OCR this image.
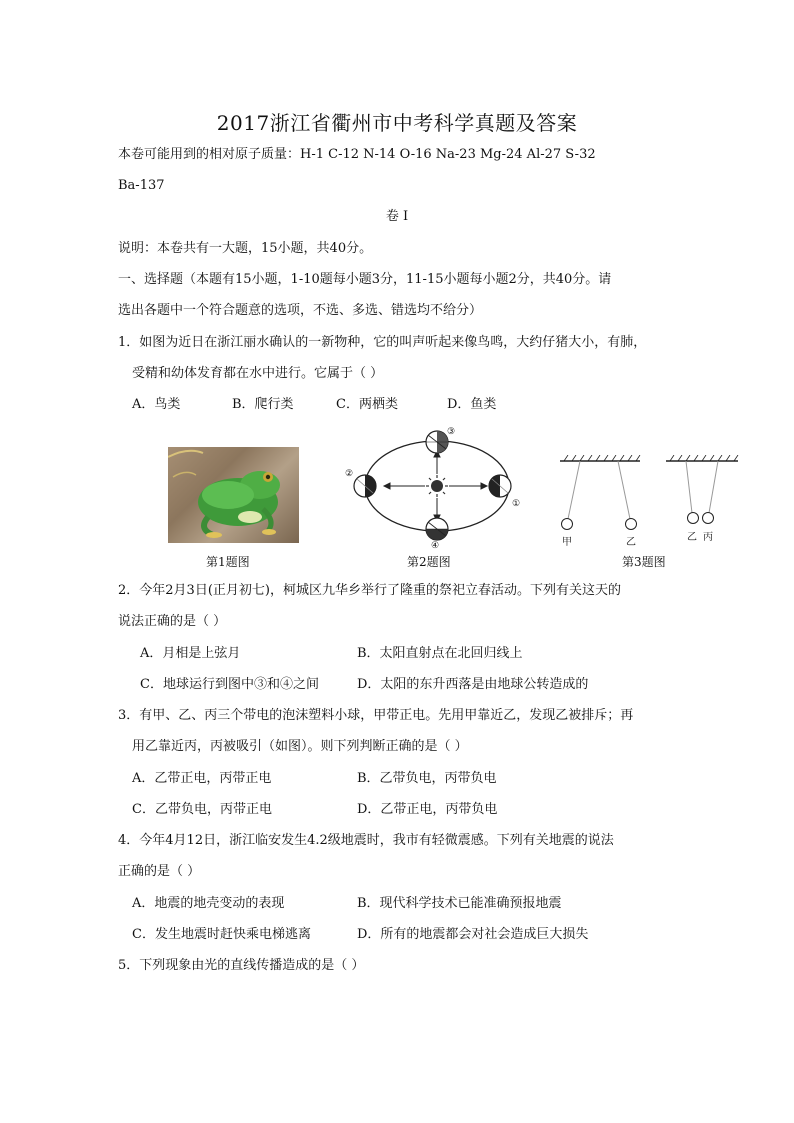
2017浙江省衢州市中考科学真题及答案
本卷可能用到的相对原子质量：H-1 C-12 N-14 O-16 Na-23 Mg-24 Al-27 S-32
Ba-137
卷 I
说明：本卷共有一大题，15小题，共40分。
一、选择题（本题有15小题，1-10题每小题3分，11-15小题每小题2分，共40分。请
选出各题中一个符合题意的选项，不选、多选、错选均不给分）
1．如图为近日在浙江丽水确认的一新物种，它的叫声听起来像鸟鸣，大约仔猪大小，有肺，
受精和幼体发育都在水中进行。它属于（ ）
A．鸟类	B．爬行类	C．两栖类	D．鱼类
②
③
①
④	甲	乙	乙 丙
第1题图	第2题图	第3题图
2．今年2月3日(正月初七)，柯城区九华乡举行了隆重的祭祀立春活动。下列有关这天的
说法正确的是（ ）
A．月相是上弦月	B．太阳直射点在北回归线上
C．地球运行到图中③和④之间	D．太阳的东升西落是由地球公转造成的
3．有甲、乙、丙三个带电的泡沫塑料小球，甲带正电。先用甲靠近乙，发现乙被排斥；再
用乙靠近丙，丙被吸引（如图）。则下列判断正确的是（ ）
A．乙带正电，丙带正电	B．乙带负电，丙带负电
C．乙带负电，丙带正电	D．乙带正电，丙带负电
4．今年4月12日，浙江临安发生4.2级地震时，我市有轻微震感。下列有关地震的说法
正确的是（ ）
A．地震的地壳变动的表现	B．现代科学技术已能准确预报地震
C．发生地震时赶快乘电梯逃离	D．所有的地震都会对社会造成巨大损失
5．下列现象由光的直线传播造成的是（ ）
